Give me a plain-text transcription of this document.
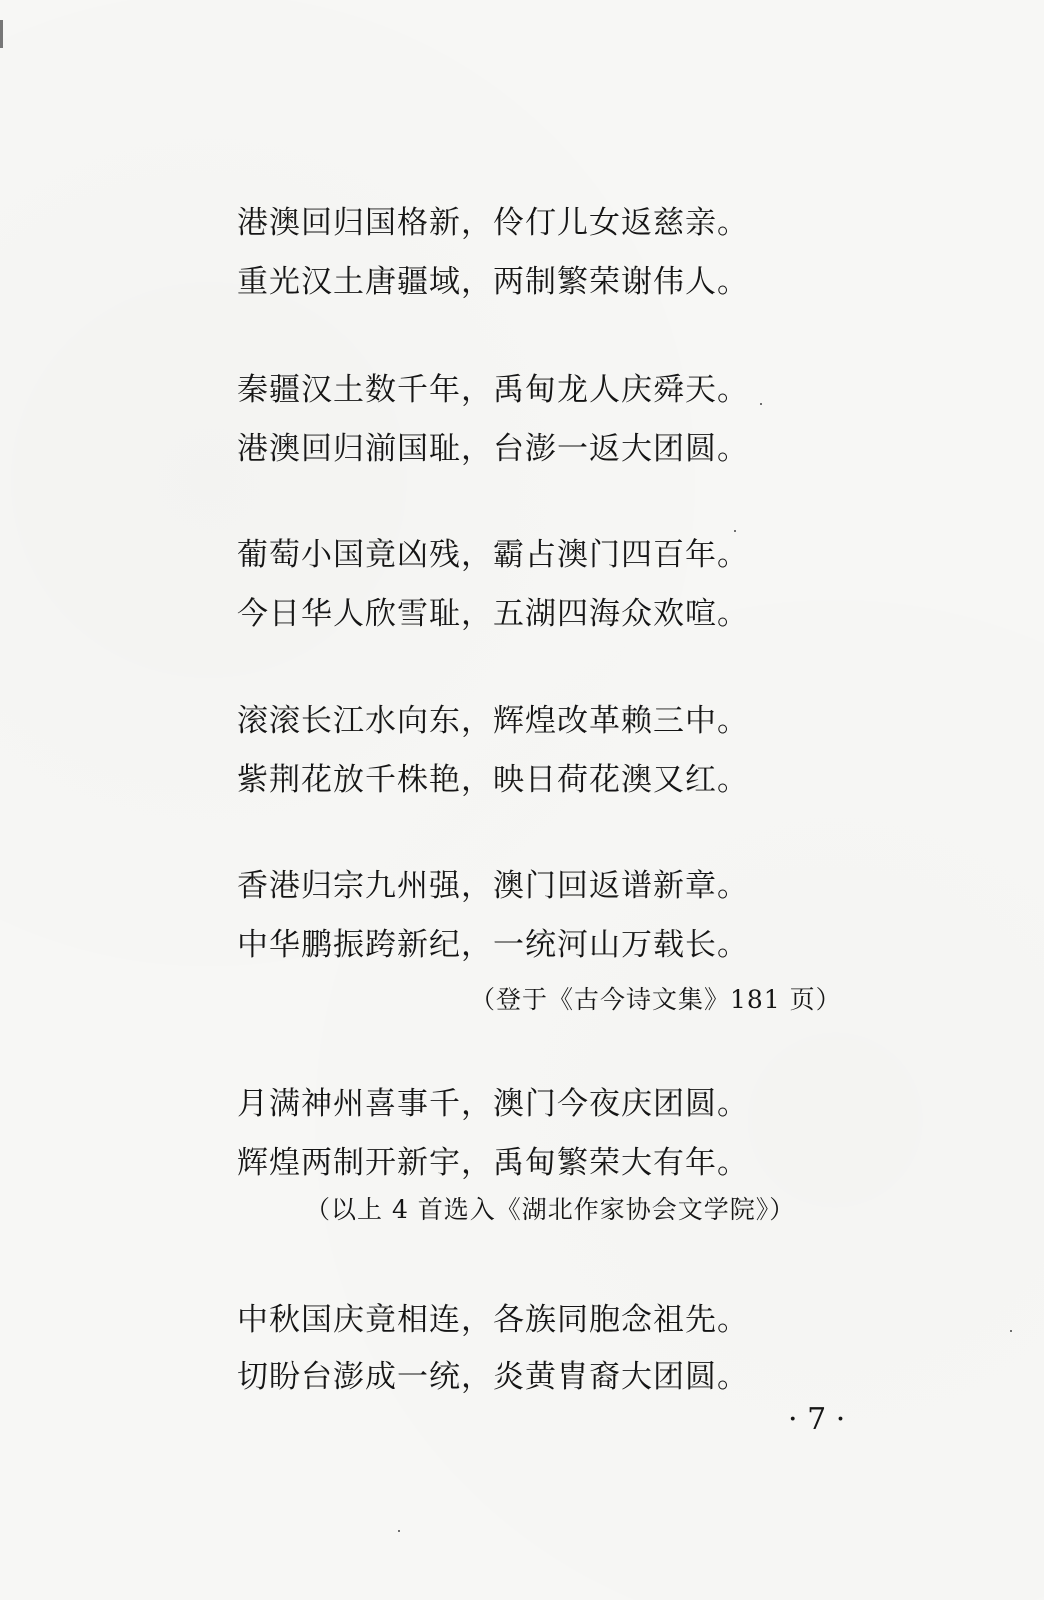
港澳回归国格新，伶仃儿女返慈亲。
重光汉土唐疆域，两制繁荣谢伟人。
秦疆汉土数千年，禹甸龙人庆舜天。
港澳回归湔国耻，台澎一返大团圆。
葡萄小国竟凶残，霸占澳门四百年。
今日华人欣雪耻，五湖四海众欢喧。
滚滚长江水向东，辉煌改革赖三中。
紫荆花放千株艳，映日荷花澳又红。
香港归宗九州强，澳门回返谱新章。
中华鹏振跨新纪，一统河山万载长。
（登于《古今诗文集》181 页）
月满神州喜事千，澳门今夜庆团圆。
辉煌两制开新宇，禹甸繁荣大有年。
（以上 4 首选入《湖北作家协会文学院》）
中秋国庆竟相连，各族同胞念祖先。
切盼台澎成一统，炎黄胄裔大团圆。
· 7 ·
